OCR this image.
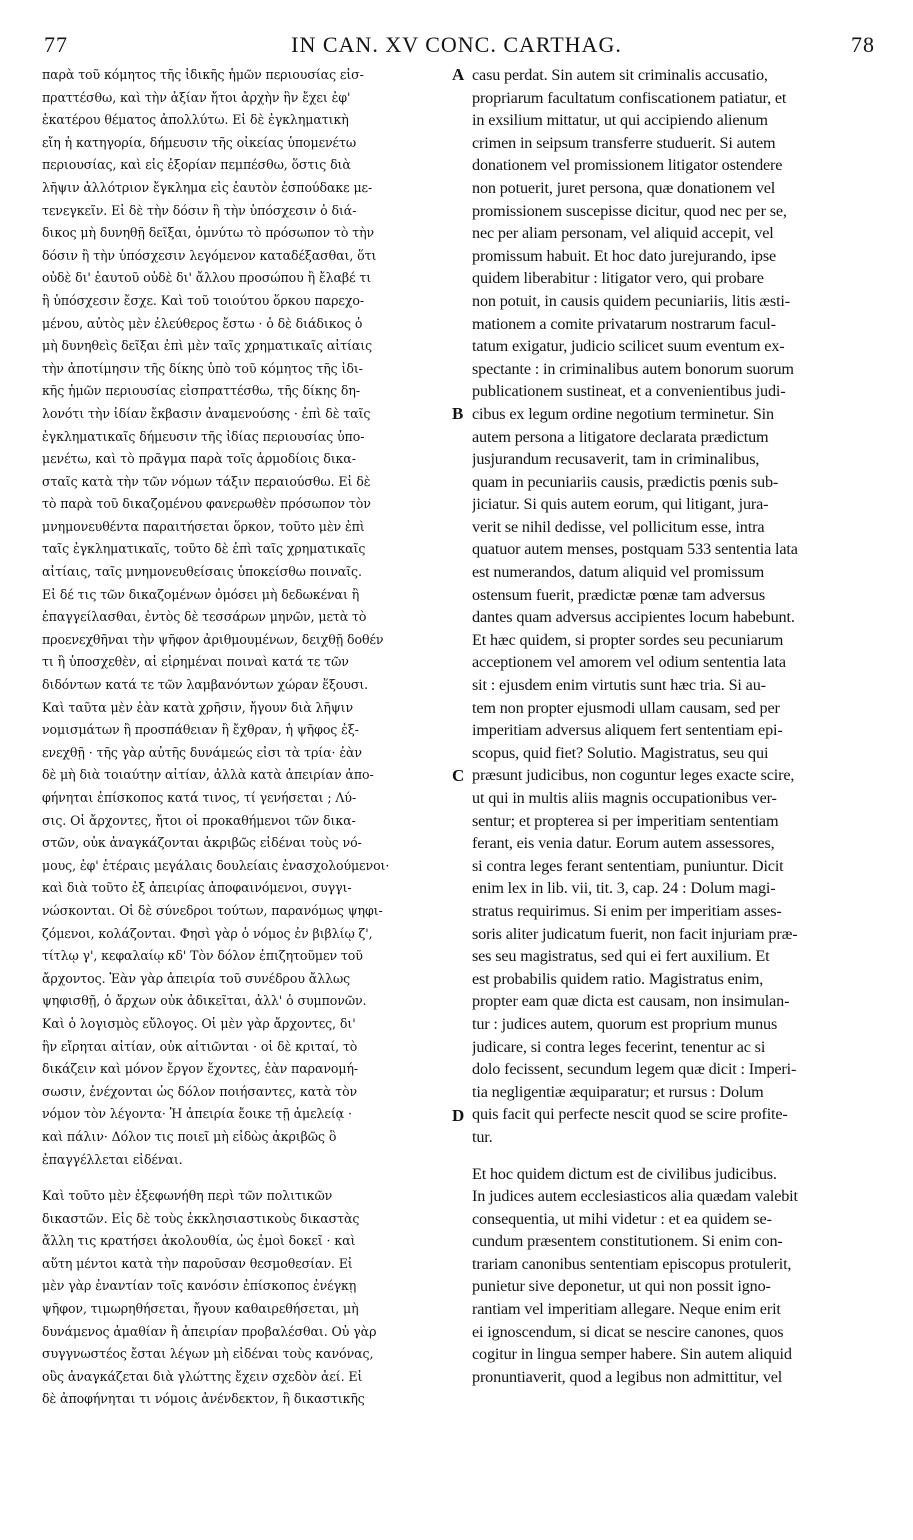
77	IN CAN. XV CONC. CARTHAG.	78
παρὰ τοῦ κόμητος τῆς ἰδικῆς ἡμῶν περιουσίας εἰσ-
πραττέσθω, καὶ τὴν ἀξίαν ἤτοι ἀρχὴν ἣν ἔχει ἐφ'
ἑκατέρου θέματος ἀπολλύτω. Εἰ δὲ ἐγκληματικὴ
εἴη ἡ κατηγορία, δήμευσιν τῆς οἰκείας ὑπομενέτω
περιουσίας, καὶ εἰς ἐξορίαν πεμπέσθω, ὅστις διὰ
λῆψιν ἀλλότριον ἔγκλημα εἰς ἑαυτὸν ἐσπούδακε με-
τενεγκεῖν. Εἰ δὲ τὴν δόσιν ἢ τὴν ὑπόσχεσιν ὁ διά-
δικος μὴ δυνηθῇ δεῖξαι, ὀμνύτω τὸ πρόσωπον τὸ τὴν
δόσιν ἢ τὴν ὑπόσχεσιν λεγόμενον καταδέξασθαι, ὅτι
οὐδὲ δι' ἑαυτοῦ οὐδὲ δι' ἄλλου προσώπου ἢ ἔλαβέ τι
ἢ ὑπόσχεσιν ἔσχε. Καὶ τοῦ τοιούτου ὅρκου παρεχο-
μένου, αὐτὸς μὲν ἐλεύθερος ἔστω · ὁ δὲ διάδικος ὁ
μὴ δυνηθεὶς δεῖξαι ἐπὶ μὲν ταῖς χρηματικαῖς αἰτίαις
τὴν ἀποτίμησιν τῆς δίκης ὑπὸ τοῦ κόμητος τῆς ἰδι-
κῆς ἡμῶν περιουσίας εἰσπραττέσθω, τῆς δίκης δη-
λονότι τὴν ἰδίαν ἔκβασιν ἀναμενούσης · ἐπὶ δὲ ταῖς
ἐγκληματικαῖς δήμευσιν τῆς ἰδίας περιουσίας ὑπο-
μενέτω, καὶ τὸ πρᾶγμα παρὰ τοῖς ἁρμοδίοις δικα-
σταῖς κατὰ τὴν τῶν νόμων τάξιν περαιούσθω. Εἰ δὲ
τὸ παρὰ τοῦ δικαζομένου φανερωθὲν πρόσωπον τὸν
μνημονευθέντα παραιτήσεται ὅρκον, τοῦτο μὲν ἐπὶ
ταῖς ἐγκληματικαῖς, τοῦτο δὲ ἐπὶ ταῖς χρηματικαῖς
αἰτίαις, ταῖς μνημονευθείσαις ὑποκείσθω ποιναῖς.
Εἰ δέ τις τῶν δικαζομένων ὀμόσει μὴ δεδωκέναι ἢ
ἐπαγγείλασθαι, ἐντὸς δὲ τεσσάρων μηνῶν, μετὰ τὸ
προενεχθῆναι τὴν ψῆφον ἀριθμουμένων, δειχθῇ δοθέν
τι ἢ ὑποσχεθὲν, αἱ εἰρημέναι ποιναὶ κατά τε τῶν
διδόντων κατά τε τῶν λαμβανόντων χώραν ἕξουσι.
Καὶ ταῦτα μὲν ἐὰν κατὰ χρῆσιν, ἤγουν διὰ λῆψιν
νομισμάτων ἢ προσπάθειαν ἢ ἔχθραν, ἡ ψῆφος ἐξ-
ενεχθῇ · τῆς γὰρ αὐτῆς δυνάμεώς εἰσι τὰ τρία· ἐὰν
δὲ μὴ διὰ τοιαύτην αἰτίαν, ἀλλὰ κατὰ ἀπειρίαν ἀπο-
φήνηται ἐπίσκοπος κατά τινος, τί γενήσεται ; Λύ-
σις. Οἱ ἄρχοντες, ἤτοι οἱ προκαθήμενοι τῶν δικα-
στῶν, οὐκ ἀναγκάζονται ἀκριβῶς εἰδέναι τοὺς νό-
μους, ἐφ' ἑτέραις μεγάλαις δουλείαις ἐνασχολούμενοι·
καὶ διὰ τοῦτο ἐξ ἀπειρίας ἀποφαινόμενοι, συγγι-
νώσκονται. Οἱ δὲ σύνεδροι τούτων, παρανόμως ψηφι-
ζόμενοι, κολάζονται. Φησὶ γὰρ ὁ νόμος ἐν βιβλίῳ ζ',
τίτλῳ γ', κεφαλαίῳ κδ' Τὸν δόλον ἐπιζητοῦμεν τοῦ
ἄρχοντος. Ἐὰν γὰρ ἀπειρία τοῦ συνέδρου ἄλλως
ψηφισθῇ, ὁ ἄρχων οὐκ ἀδικεῖται, ἀλλ' ὁ συμπονῶν.
Καὶ ὁ λογισμὸς εὔλογος. Οἱ μὲν γὰρ ἄρχοντες, δι'
ἣν εἴρηται αἰτίαν, οὐκ αἰτιῶνται · οἱ δὲ κριταί, τὸ
δικάζειν καὶ μόνον ἔργον ἔχοντες, ἐὰν παρανομή-
σωσιν, ἐνέχονται ὡς δόλον ποιήσαντες, κατὰ τὸν
νόμον τὸν λέγοντα· Ἡ ἀπειρία ἔοικε τῇ ἀμελείᾳ ·
καὶ πάλιν· Δόλον τις ποιεῖ μὴ εἰδὼς ἀκριβῶς ὃ
ἐπαγγέλλεται εἰδέναι.
Καὶ τοῦτο μὲν ἐξεφωνήθη περὶ τῶν πολιτικῶν
δικαστῶν. Εἰς δὲ τοὺς ἐκκλησιαστικοὺς δικαστὰς
ἄλλη τις κρατήσει ἀκολουθία, ὡς ἐμοὶ δοκεῖ · καὶ
αὕτη μέντοι κατὰ τὴν παροῦσαν θεσμοθεσίαν. Εἰ
μὲν γὰρ ἐναντίαν τοῖς κανόσιν ἐπίσκοπος ἐνέγκῃ
ψῆφον, τιμωρηθήσεται, ἤγουν καθαιρεθήσεται, μὴ
δυνάμενος ἀμαθίαν ἢ ἀπειρίαν προβαλέσθαι. Οὐ γὰρ
συγγνωστέος ἔσται λέγων μὴ εἰδέναι τοὺς κανόνας,
οὓς ἀναγκάζεται διὰ γλώττης ἔχειν σχεδὸν ἀεί. Εἰ
δὲ ἀποφήνηται τι νόμοις ἀνένδεκτον, ἢ δικαστικῆς
casu perdat. Sin autem sit criminalis accusatio,
propriarum facultatum confiscationem patiatur, et
in exsilium mittatur, ut qui accipiendo alienum
crimen in seipsum transferre studuerit. Si autem
donationem vel promissionem litigator ostendere
non potuerit, juret persona, quæ donationem vel
promissionem suscepisse dicitur, quod nec per se,
nec per aliam personam, vel aliquid accepit, vel
promissum habuit. Et hoc dato jurejurando, ipse
quidem liberabitur : litigator vero, qui probare
non potuit, in causis quidem pecuniariis, litis æsti-
mationem a comite privatarum nostrarum facul-
tatum exigatur, judicio scilicet suum eventum ex-
spectante : in criminalibus autem bonorum suorum
publicationem sustineat, et a convenientibus judi-
cibus ex legum ordine negotium terminetur. Sin
autem persona a litigatore declarata prædictum
jusjurandum recusaverit, tam in criminalibus,
quam in pecuniariis causis, prædictis pœnis sub-
jiciatur. Si quis autem eorum, qui litigant, jura-
verit se nihil dedisse, vel pollicitum esse, intra
quatuor autem menses, postquam 533 sententia lata
est numerandos, datum aliquid vel promissum
ostensum fuerit, prædictæ pœnæ tam adversus
dantes quam adversus accipientes locum habebunt.
Et hæc quidem, si propter sordes seu pecuniarum
acceptionem vel amorem vel odium sententia lata
sit : ejusdem enim virtutis sunt hæc tria. Si au-
tem non propter ejusmodi ullam causam, sed per
imperitiam adversus aliquem fert sententiam epi-
scopus, quid fiet? Solutio. Magistratus, seu qui
præsunt judicibus, non coguntur leges exacte scire,
ut qui in multis aliis magnis occupationibus ver-
sentur; et propterea si per imperitiam sententiam
ferant, eis venia datur. Eorum autem assessores,
si contra leges ferant sententiam, puniuntur. Dicit
enim lex in lib. vii, tit. 3, cap. 24 : Dolum magi-
stratus requirimus. Si enim per imperitiam asses-
soris aliter judicatum fuerit, non facit injuriam præ-
ses seu magistratus, sed qui ei fert auxilium. Et
est probabilis quidem ratio. Magistratus enim,
propter eam quæ dicta est causam, non insimulan-
tur : judices autem, quorum est proprium munus
judicare, si contra leges fecerint, tenentur ac si
dolo fecissent, secundum legem quæ dicit : Imperi-
tia negligentiæ æquiparatur; et rursus : Dolum
quis facit qui perfecte nescit quod se scire profite-
tur.
Et hoc quidem dictum est de civilibus judicibus.
In judices autem ecclesiasticos alia quædam valebit
consequentia, ut mihi videtur : et ea quidem se-
cundum præsentem constitutionem. Si enim con-
trariam canonibus sententiam episcopus protulerit,
punietur sive deponetur, ut qui non possit igno-
rantiam vel imperitiam allegare. Neque enim erit
ei ignoscendum, si dicat se nescire canones, quos
cogitur in lingua semper habere. Sin autem aliquid
pronuntiaverit, quod a legibus non admittitur, vel
A
B
C
D
